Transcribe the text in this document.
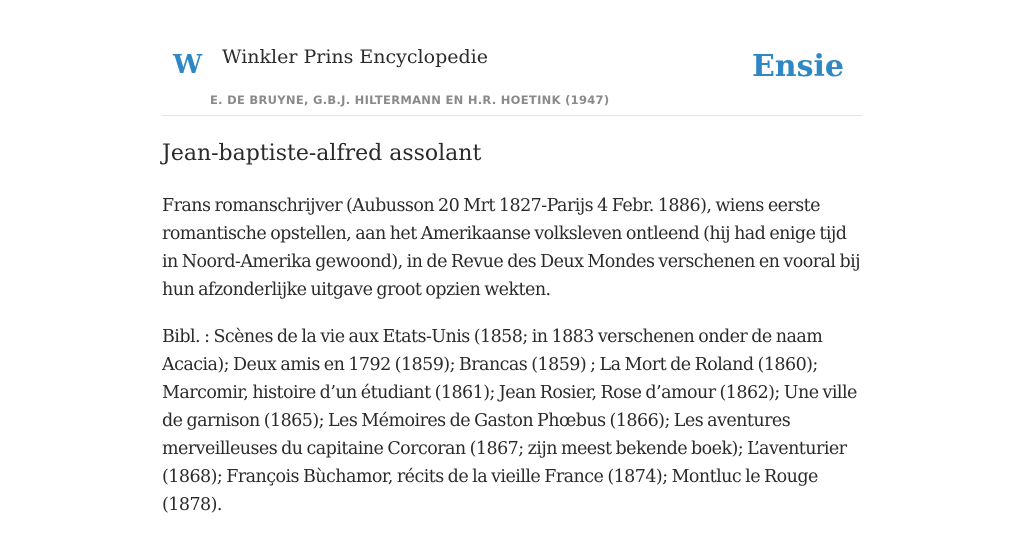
W Winkler Prins Encyclopedie
E. DE BRUYNE, G.B.J. HILTERMANN EN H.R. HOETINK (1947)
Ensie
Jean-baptiste-alfred assolant

Frans romanschrijver (Aubusson 20 Mrt 1827-Parijs 4 Febr. 1886), wiens eerste romantische opstellen, aan het Amerikaanse volksleven ontleend (hij had enige tijd in Noord-Amerika gewoond), in de Revue des Deux Mondes verschenen en vooral bij hun afzonderlijke uitgave groot opzien wekten.

Bibl. : Scènes de la vie aux Etats-Unis (1858; in 1883 verschenen onder de naam Acacia); Deux amis en 1792 (1859); Brancas (1859) ; La Mort de Roland (1860); Marcomir, histoire d’un étudiant (1861); Jean Rosier, Rose d’amour (1862); Une ville de garnison (1865); Les Mémoires de Gaston Phœbus (1866); Les aventures merveilleuses du capitaine Corcoran (1867; zijn meest bekende boek); L’aventurier (1868); François Bùchamor, récits de la vieille France (1874); Montluc le Rouge (1878).
